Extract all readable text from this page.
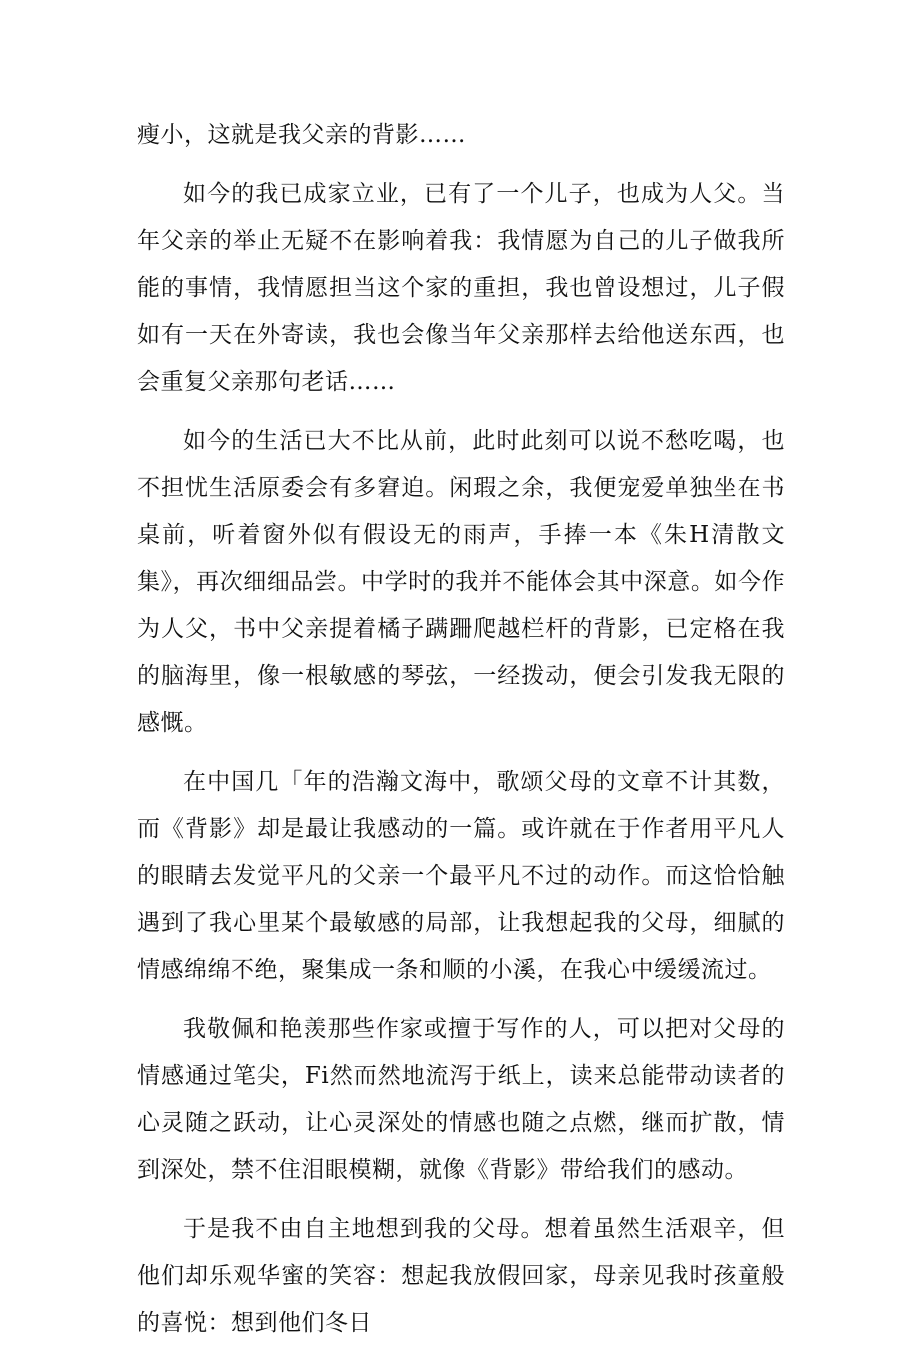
瘦小，这就是我父亲的背影……

如今的我已成家立业，已有了一个儿子，也成为人父。当年父亲的举止无疑不在影响着我：我情愿为自己的儿子做我所能的事情，我情愿担当这个家的重担，我也曾设想过，儿子假如有一天在外寄读，我也会像当年父亲那样去给他送东西，也会重复父亲那句老话……

如今的生活已大不比从前，此时此刻可以说不愁吃喝，也不担忧生活原委会有多窘迫。闲瑕之余，我便宠爱单独坐在书桌前，听着窗外似有假设无的雨声，手捧一本《朱H清散文集》，再次细细品尝。中学时的我并不能体会其中深意。如今作为人父，书中父亲提着橘子蹒跚爬越栏杆的背影，已定格在我的脑海里，像一根敏感的琴弦，一经拨动，便会引发我无限的感慨。

在中国几「年的浩瀚文海中，歌颂父母的文章不计其数，而《背影》却是最让我感动的一篇。或许就在于作者用平凡人的眼睛去发觉平凡的父亲一个最平凡不过的动作。而这恰恰触遇到了我心里某个最敏感的局部，让我想起我的父母，细腻的情感绵绵不绝，聚集成一条和顺的小溪，在我心中缓缓流过。

我敬佩和艳羡那些作家或擅于写作的人，可以把对父母的情感通过笔尖，Fi然而然地流泻于纸上，读来总能带动读者的心灵随之跃动，让心灵深处的情感也随之点燃，继而扩散，情到深处，禁不住泪眼模糊，就像《背影》带给我们的感动。

于是我不由自主地想到我的父母。想着虽然生活艰辛，但他们却乐观华蜜的笑容：想起我放假回家，母亲见我时孩童般的喜悦：想到他们冬日
